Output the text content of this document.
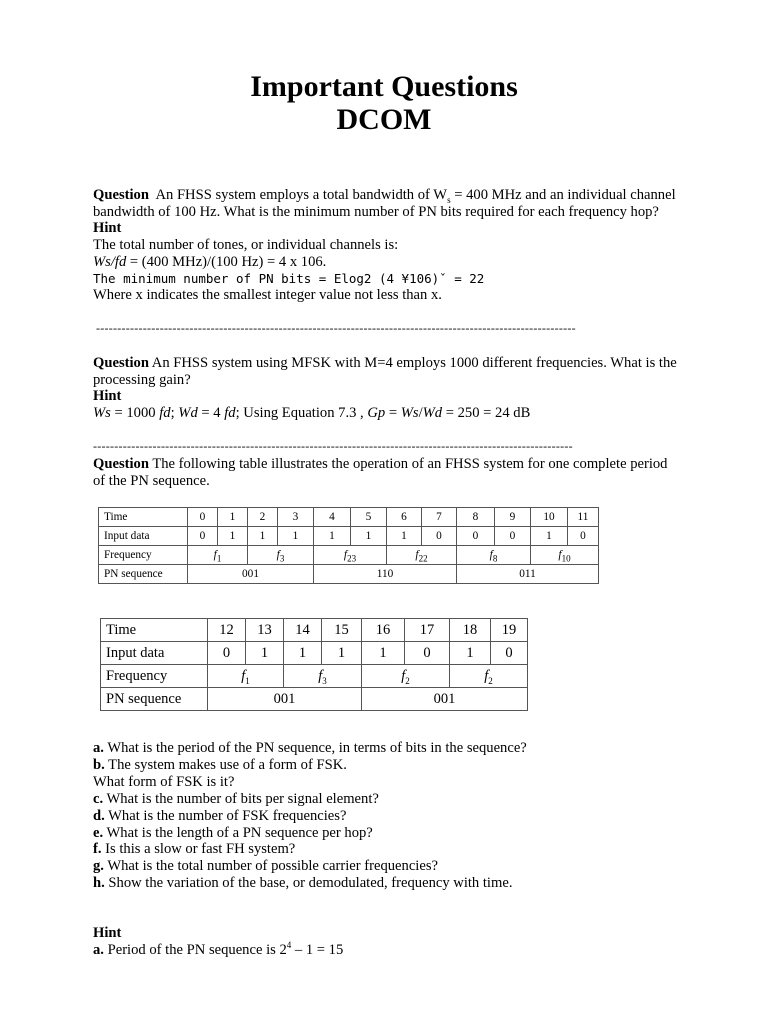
Important Questions
DCOM

Question An FHSS system employs a total bandwidth of $W_s = 400$ MHz and an individual channel bandwidth of 100 Hz. What is the minimum number of PN bits required for each frequency hop?

Hint

The total number of tones, or individual channels is:

Ws/fd = (400 MHz)/(100 Hz) = 4 x 106.

The minimum number of PN bits = Elog2 (4 ¥106)ˇ = 22

Where x indicates the smallest integer value not less than x.

-----------------------------------------------------------------------------------------------------------------

Question An FHSS system using MFSK with M=4 employs 1000 different frequencies. What is the processing gain?

Hint

Ws = 1000 fd; Wd = 4 fd; Using Equation 7.3 , Gp = Ws/Wd = 250 = 24 dB

-----------------------------------------------------------------------------------------------------------------

Question The following table illustrates the operation of an FHSS system for one complete period of the PN sequence.

Time	0	1	2	3	4	5	6	7	8	9	10	11
Input data	0	1	1	1	1	1	1	0	0	0	1	0
Frequency	$f_1$		$f_3$		$f_{23}$		$f_{22}$		$f_8$		$f_{10}$
PN sequence	001				110				011			
Time	12	13	14	15	16	17	18	19
Input data	0	1	1	1	1	0	1	0
Frequency	$f_1$		$f_3$		$f_2$		$f_2$
PN sequence	001				001			

a. What is the period of the PN sequence, in terms of bits in the sequence?

b. The system makes use of a form of FSK.

What form of FSK is it?

c. What is the number of bits per signal element?

d. What is the number of FSK frequencies?

e. What is the length of a PN sequence per hop?

f. Is this a slow or fast FH system?

g. What is the total number of possible carrier frequencies?

h. Show the variation of the base, or demodulated, frequency with time.

Hint

a. Period of the PN sequence is $2^4 - 1 = 15$
